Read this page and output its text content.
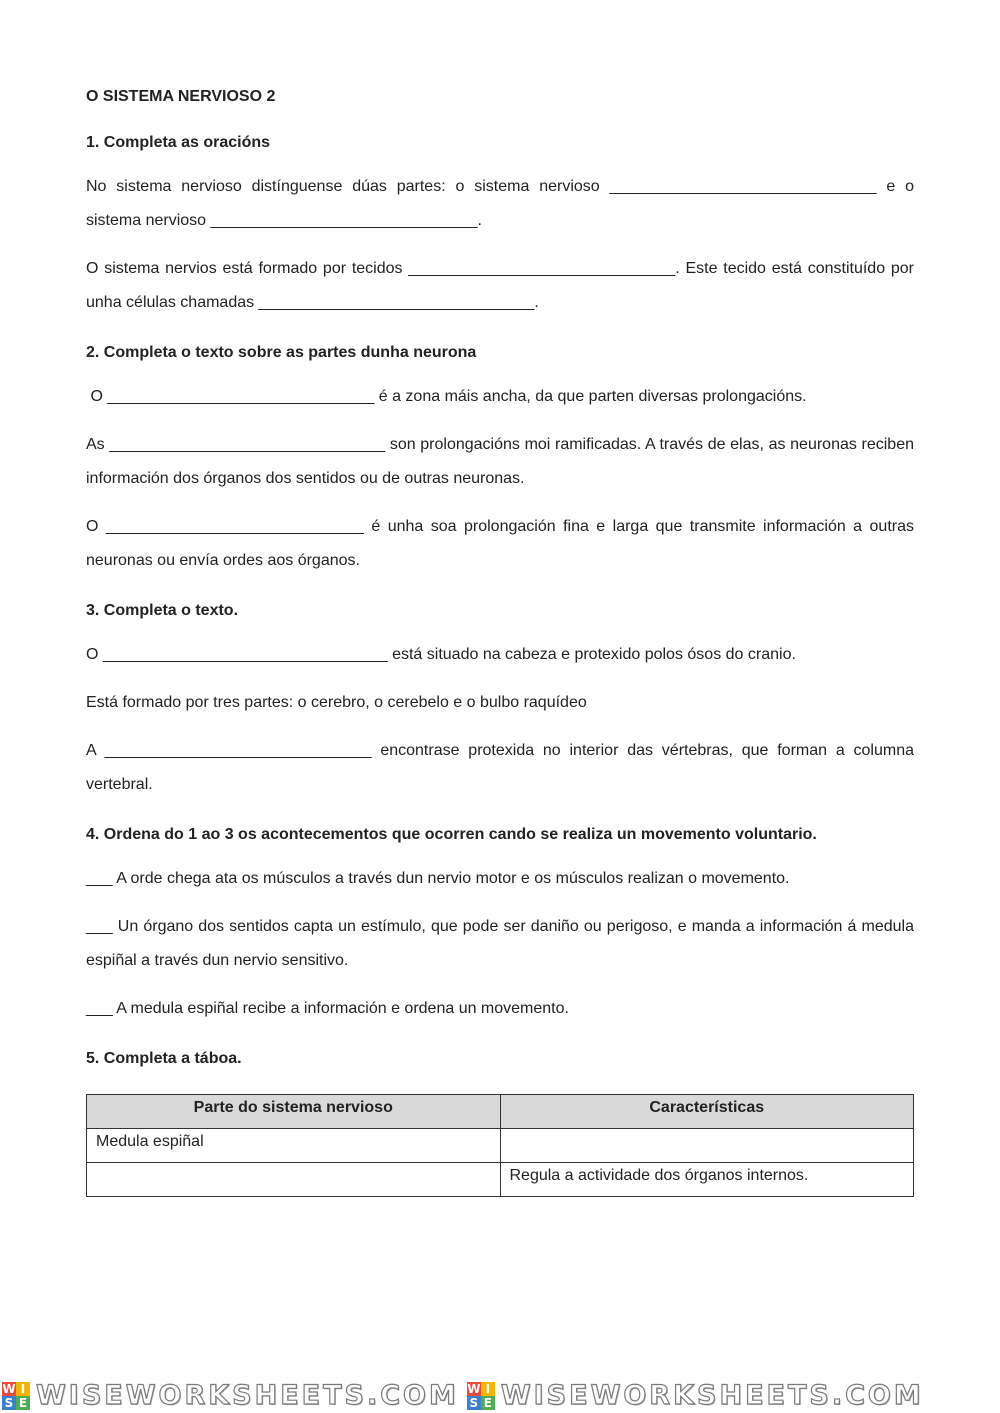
O SISTEMA NERVIOSO 2
1. Completa as oracións

No sistema nervioso distínguense dúas partes: o sistema nervioso ______________________________ e o sistema nervioso ______________________________.

O sistema nervios está formado por tecidos ______________________________. Este tecido está constituído por unha células chamadas _______________________________.

2. Completa o texto sobre as partes dunha neurona

O ______________________________ é a zona máis ancha, da que parten diversas prolongacións.

As _______________________________ son prolongacións moi ramificadas. A través de elas, as neuronas reciben información dos órganos dos sentidos ou de outras neuronas.

O _____________________________ é unha soa prolongación fina e larga que transmite información a outras neuronas ou envía ordes aos órganos.

3. Completa o texto.

O ________________________________ está situado na cabeza e protexido polos ósos do cranio.

Está formado por tres partes: o cerebro, o cerebelo e o bulbo raquídeo

A ______________________________ encontrase protexida no interior das vértebras, que forman a columna vertebral.

4. Ordena do 1 ao 3 os acontecementos que ocorren cando se realiza un movemento voluntario.

___ A orde chega ata os músculos a través dun nervio motor e os músculos realizan o movemento.

___ Un órgano dos sentidos capta un estímulo, que pode ser daniño ou perigoso, e manda a información á medula espiñal a través dun nervio sensitivo.

___ A medula espiñal recibe a información e ordena un movemento.

5. Completa a táboa.
Parte do sistema nervioso	Características
Medula espiñal	
	Regula a actividade dos órganos internos.
W I
S E WISEWORKSHEETS.COM W I
S E WISEWORKSHEETS.COM
